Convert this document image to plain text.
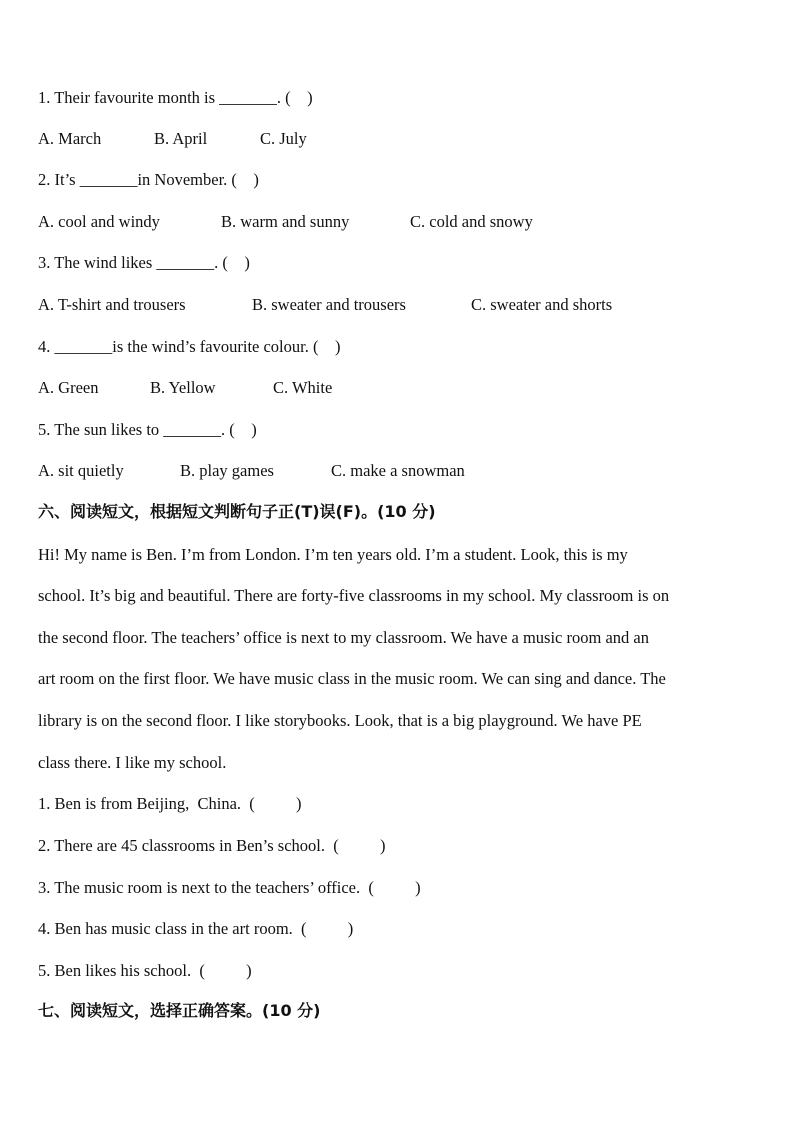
1. Their favourite month is _______. (    )

A. March

	B. April

	C. July

2. It’s _______in November. (    )

A. cool and windy

	B. warm and sunny

	C. cold and snowy

3. The wind likes _______. (    )

A. T-shirt and trousers

	B. sweater and trousers

	C. sweater and shorts

4. _______is the wind’s favourite colour. (    )

A. Green

	B. Yellow

	C. White

5. The sun likes to _______. (    )

A. sit quietly

	B. play games

	C. make a snowman

六、阅读短文，根据短文判断句子正(T)误(F)。(10 分)
Hi! My name is Ben. I’m from London. I’m ten years old. I’m a student. Look, this is my
school. It’s big and beautiful. There are forty-five classrooms in my school. My classroom is on
the second floor. The teachers’ office is next to my classroom. We have a music room and an
art room on the first floor. We have music class in the music room. We can sing and dance. The
library is on the second floor. I like storybooks. Look, that is a big playground. We have PE
class there. I like my school.
1. Ben is from Beijing,  China.  (          )
2. There are 45 classrooms in Ben’s school.  (          )
3. The music room is next to the teachers’ office.  (          )
4. Ben has music class in the art room.  (          )
5. Ben likes his school.  (          )
七、阅读短文，选择正确答案。(10 分)
